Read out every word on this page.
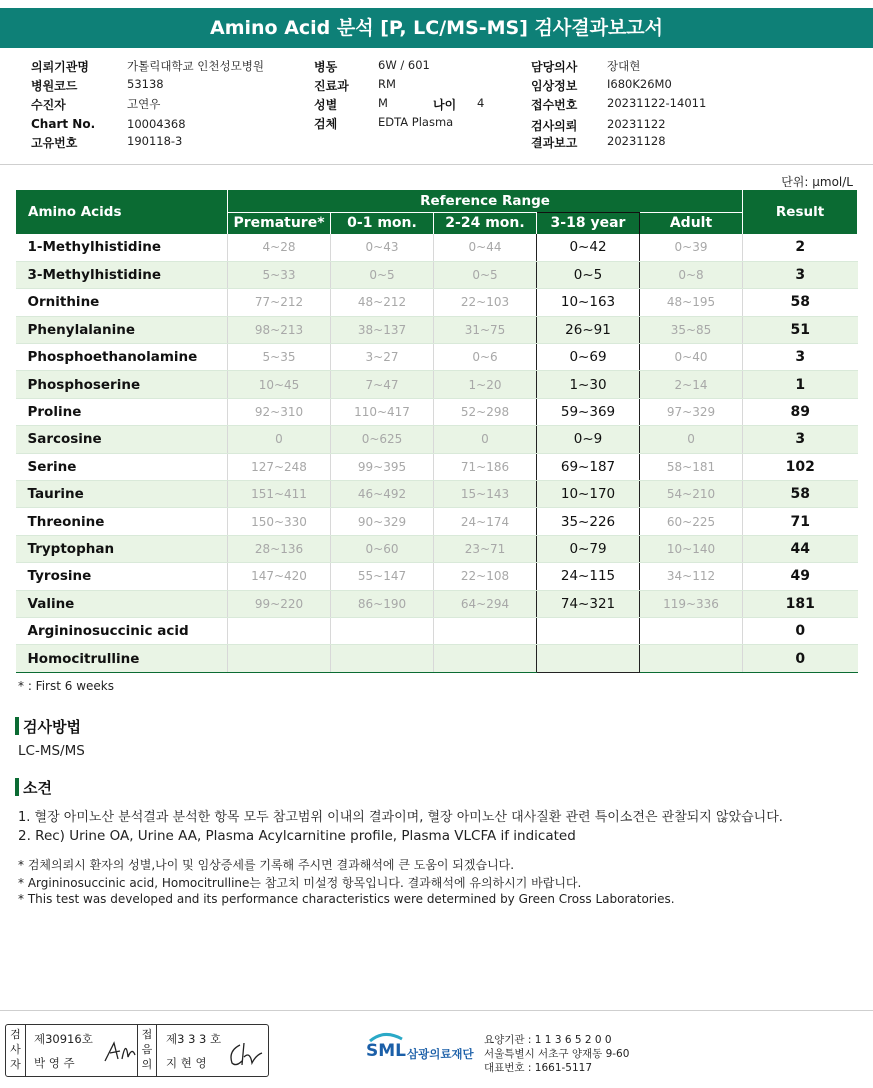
Amino Acid 분석 [P, LC/MS-MS] 검사결과보고서
의뢰기관명	가톨릭대학교 인천성모병원
병원코드	53138
수진자	고연우
Chart No.	10004368
고유번호	190118-3
병동	6W / 601
진료과	RM
성별	M	나이 4
검체	EDTA Plasma
담당의사	장대현
임상정보	I680K26M0
접수번호	20231122-14011
검사의뢰	20231122
결과보고	20231128
단위: µmol/L
Amino Acids	Reference Range					Result
	Premature*	0-1 mon.	2-24 mon.	3-18 year	Adult	
1-Methylhistidine	4~28	0~43	0~44	0~42	0~39	2
3-Methylhistidine	5~33	0~5	0~5	0~5	0~8	3
Ornithine	77~212	48~212	22~103	10~163	48~195	58
Phenylalanine	98~213	38~137	31~75	26~91	35~85	51
Phosphoethanolamine	5~35	3~27	0~6	0~69	0~40	3
Phosphoserine	10~45	7~47	1~20	1~30	2~14	1
Proline	92~310	110~417	52~298	59~369	97~329	89
Sarcosine	0	0~625	0	0~9	0	3
Serine	127~248	99~395	71~186	69~187	58~181	102
Taurine	151~411	46~492	15~143	10~170	54~210	58
Threonine	150~330	90~329	24~174	35~226	60~225	71
Tryptophan	28~136	0~60	23~71	0~79	10~140	44
Tyrosine	147~420	55~147	22~108	24~115	34~112	49
Valine	99~220	86~190	64~294	74~321	119~336	181
Argininosuccinic acid						0
Homocitrulline						0
* : First 6 weeks
검사방법
LC-MS/MS
소견
1. 혈장 아미노산 분석결과 분석한 항목 모두 참고범위 이내의 결과이며, 혈장 아미노산 대사질환 관련 특이소견은 관찰되지 않았습니다.
2. Rec) Urine OA, Urine AA, Plasma Acylcarnitine profile, Plasma VLCFA if indicated
* 검체의뢰시 환자의 성별,나이 및 임상증세를 기록해 주시면 결과해석에 큰 도움이 되겠습니다.
* Argininosuccinic acid, Homocitrulline는 참고치 미설정 항목입니다. 결과해석에 유의하시기 바랍니다.
* This test was developed and its performance characteristics were determined by Green Cross Laboratories.
검
사
자
제30916호
박 영 주
접
음
의
제3 3 3 호
지 현 영
SML 삼광의료재단
요양기관 : 1 1 3 6 5 2 0 0
서울특별시 서초구 양재동 9-60
대표번호 : 1661-5117
